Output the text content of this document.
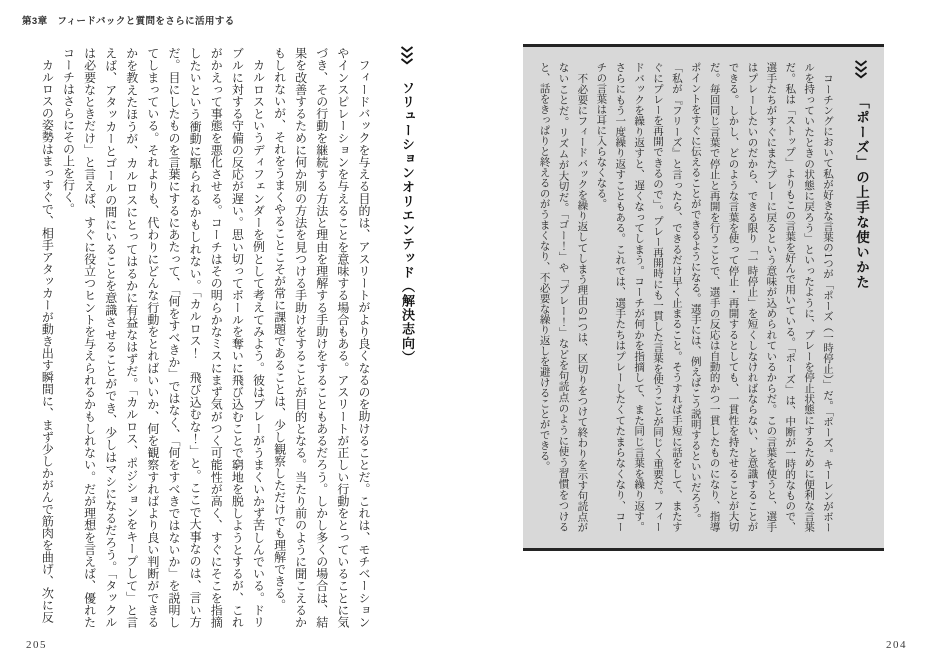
第3章　フィードバックと質問をさらに活用する
「ポーズ」の上手な使いかた

コーチングにおいて私が好きな言葉の1つが「ポーズ（一時停止）」だ。「ポーズ。キーレンがボールを持っていたときの状態に戻ろう」といったように、プレーを停止状態にするために便利な言葉だ。私は「ストップ」よりもこの言葉を好んで用いている。「ポーズ」は、中断が一時的なもので、選手たちがすぐにまたプレーに戻るという意味が込められているからだ。この言葉を使うと、選手はプレーしたいのだから、できる限り「一時停止」を短くしなければならない、と意識することができる。しかし、どのような言葉を使って停止・再開するとしても、一貫性を持たせることが大切だ。毎回同じ言葉で停止と再開を行うことで、選手の反応は自動的かつ一貫したものになり、指導ポイントをすぐに伝えることができるようになる。選手には、例えばこう説明するといいだろう。

「私が『フリーズ』と言ったら、できるだけ早く止まること。そうすれば手短に話をして、またすぐにプレーを再開できるので」。プレー再開時にも一貫した言葉を使うことが同じく重要だ。フィードバックを繰り返すと、遅くなってしまう。コーチが何かを指摘して、また同じ言葉を繰り返す。さらにもう一度繰り返すこともある。これでは、選手たちはプレーしたくてたまらなくなり、コーチの言葉は耳に入らなくなる。

不必要にフィードバックを繰り返してしまう理由の1つは、区切りをつけて終わりを示す句読点がないことだ。リズムが大切だ。「ゴー！」や「プレー！」などを句読点のように使う習慣をつけると、話をきっぱりと終えるのがうまくなり、不必要な繰り返しを避けることができる。

204
ソリューションオリエンテッド（解決志向）

フィードバックを与える目的は、アスリートがより良くなるのを助けることだ。これは、モチベーションやインスピレーションを与えることを意味する場合もある。アスリートが正しい行動をとっていることに気づき、その行動を継続する方法と理由を理解する手助けをすることもあるだろう。しかし多くの場合は、結果を改善するために何か別の方法を見つける手助けをすることが目的となる。当たり前のように聞こえるかもしれないが、それをうまくやることこそが常に課題であることは、少し観察しただけでも理解できる。

カルロスというディフェンダーを例として考えてみよう。彼はプレーがうまくいかず苦しんでいる。ドリブルに対する守備の反応が遅い。思い切ってボールを奪いに飛び込むことで窮地を脱しようとするが、これがかえって事態を悪化させる。コーチはその明らかなミスにまず気がつく可能性が高く、すぐにそこを指摘したいという衝動に駆られるかもしれない。「カルロス！　飛び込むな！」と。ここで大事なのは、言い方だ。目にしたものを言葉にするにあたって、「何をすべきか」ではなく、「何をすべきではないか」を説明してしまっている。それよりも、代わりにどんな行動をとればいいか、何を観察すればより良い判断ができるかを教えたほうが、カルロスにとってはるかに有益なはずだ。「カルロス、ポジションをキープして」と言えば、アタッカーとゴールの間にいることを意識させることができ、少しはマシになるだろう。「タックルは必要なときだけ」と言えば、すぐに役立つヒントを与えられるかもしれない。だが理想を言えば、優れたコーチはさらにその上を行く。

カルロスの姿勢はまっすぐで、相手アタッカーが動き出す瞬間に、まず少しかがんで筋肉を曲げ、次に反

205
